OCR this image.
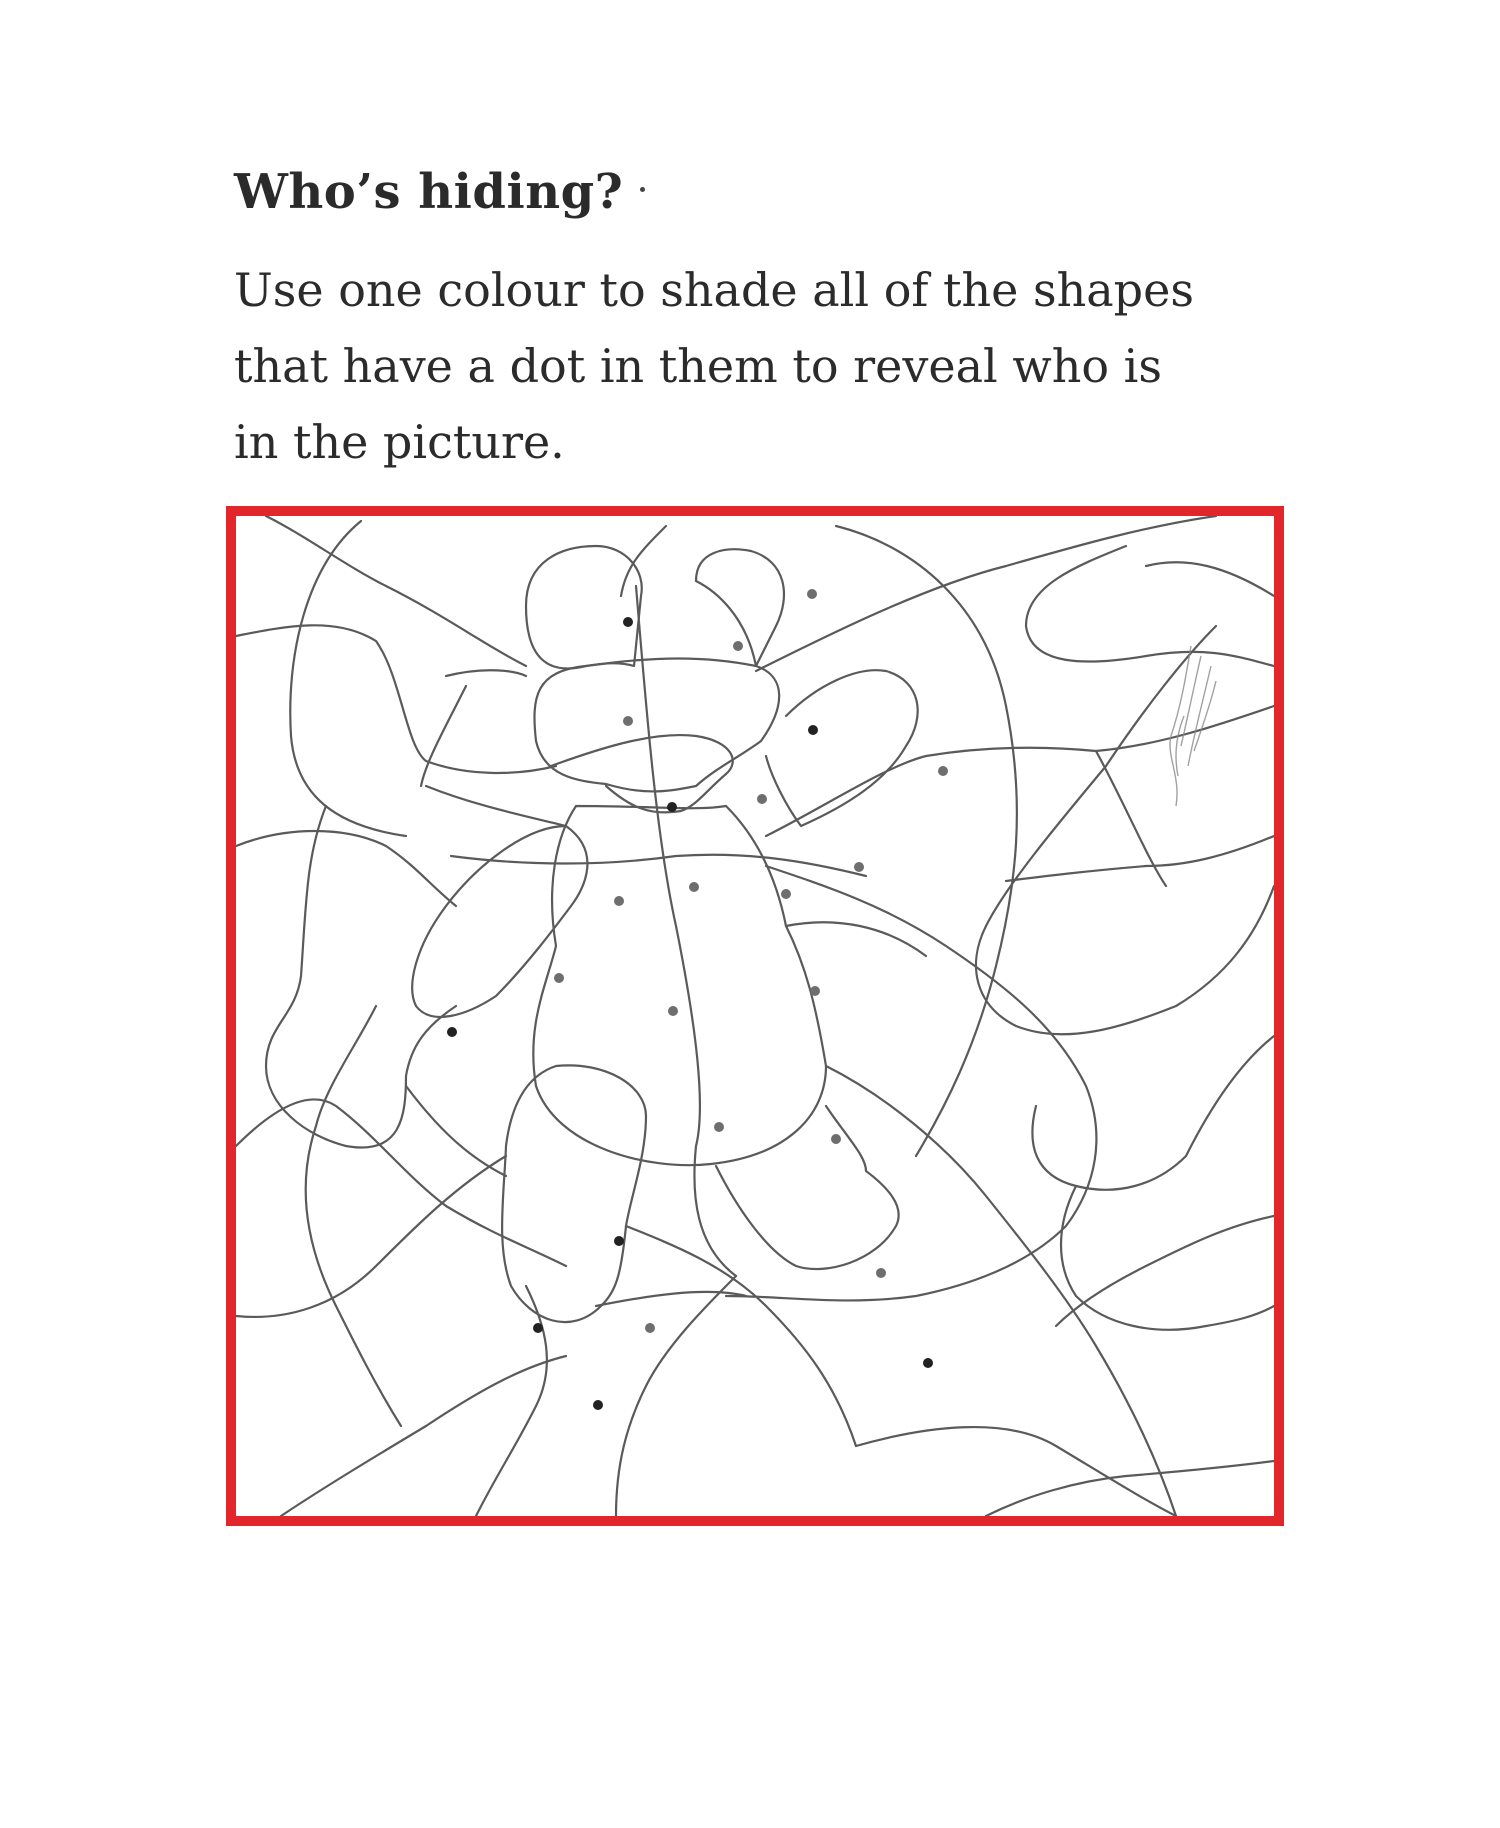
Who’s hiding?

Use one colour to shade all of the shapes
that have a dot in them to reveal who is
in the picture.
